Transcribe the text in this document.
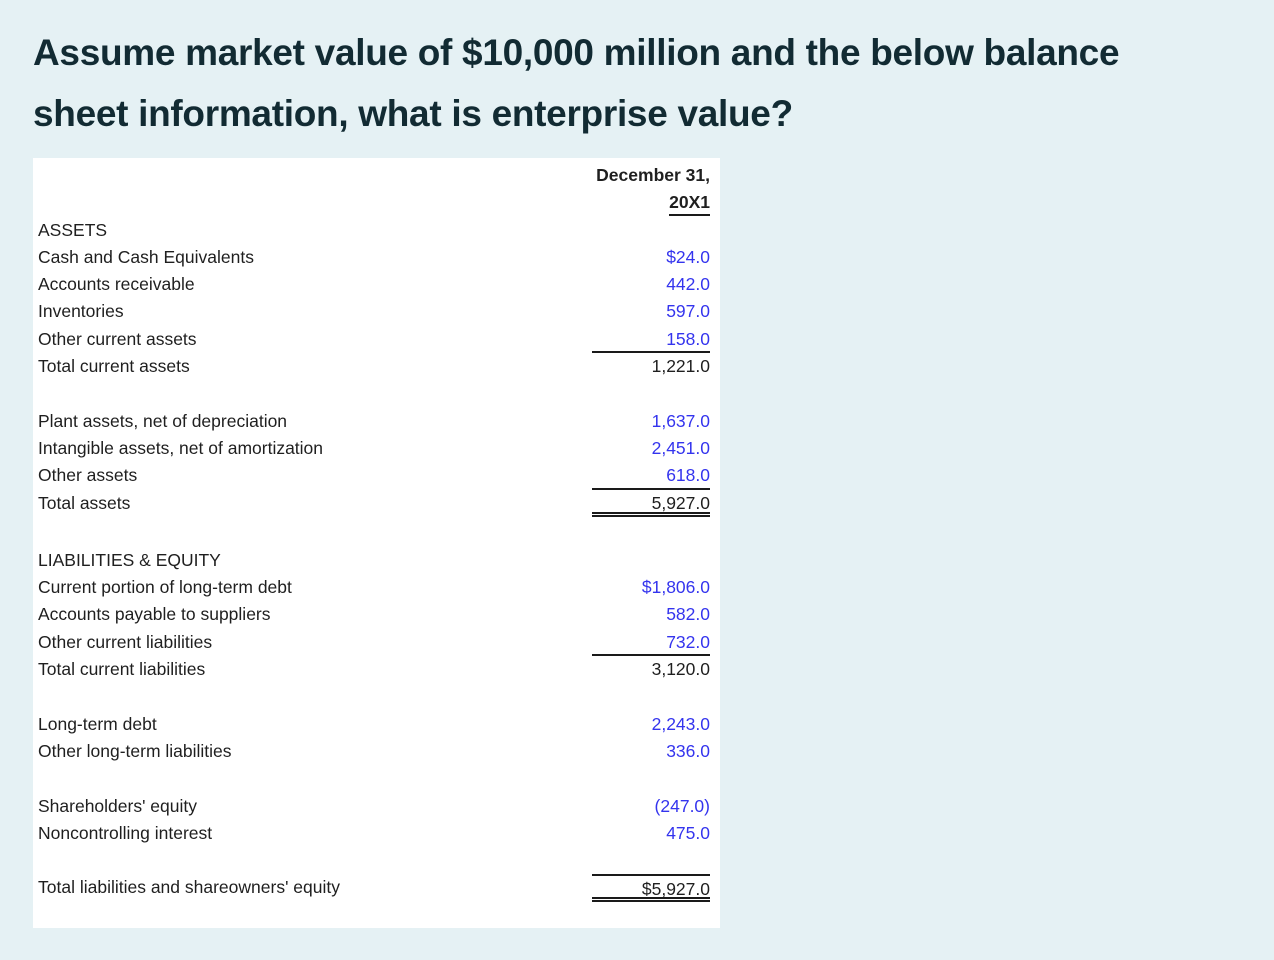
Assume market value of $10,000 million and the below balance
sheet information, what is enterprise value?
December 31,
20X1
ASSETS
Cash and Cash Equivalents	$24.0
Accounts receivable	442.0
Inventories	597.0
Other current assets	158.0
Total current assets	1,221.0
Plant assets, net of depreciation	1,637.0
Intangible assets, net of amortization	2,451.0
Other assets	618.0
Total assets	5,927.0
LIABILITIES & EQUITY
Current portion of long-term debt	$1,806.0
Accounts payable to suppliers	582.0
Other current liabilities	732.0
Total current liabilities	3,120.0
Long-term debt	2,243.0
Other long-term liabilities	336.0
Shareholders' equity	(247.0)
Noncontrolling interest	475.0
Total liabilities and shareowners' equity	$5,927.0
